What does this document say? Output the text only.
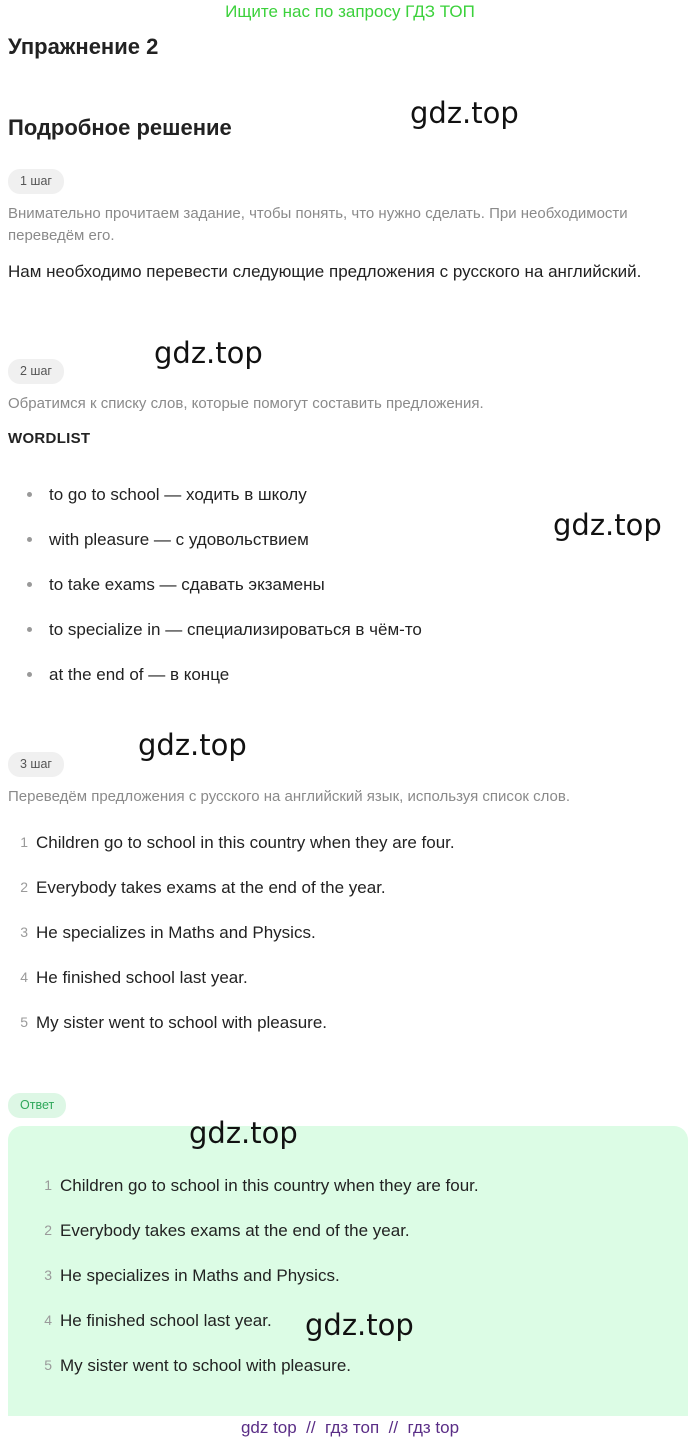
Ищите нас по запросу ГДЗ ТОП
Упражнение 2
Подробное решение	gdz.top
gdz.top
gdz.top
gdz.top
1 шаг

Внимательно прочитаем задание, чтобы понять, что нужно сделать. При необходимости переведём его.

Нам необходимо перевести следующие предложения с русского на английский.

2 шаг

Обратимся к списку слов, которые помогут составить предложения.

WORDLIST
to go to school — ходить в школу
with pleasure — с удовольствием
to take exams — сдавать экзамены
to specialize in — специализироваться в чём-то
at the end of — в конце
3 шаг

Переведём предложения с русского на английский язык, используя список слов.

1 Children go to school in this country when they are four.
2 Everybody takes exams at the end of the year.
3 He specializes in Maths and Physics.
4 He finished school last year.
5 My sister went to school with pleasure.
Ответ
1 Children go to school in this country when they are four.
2 Everybody takes exams at the end of the year.
3 He specializes in Maths and Physics.
4 He finished school last year.
5 My sister went to school with pleasure.
gdz.top
gdz.top
gdz top  //  гдз топ  //  гдз top
